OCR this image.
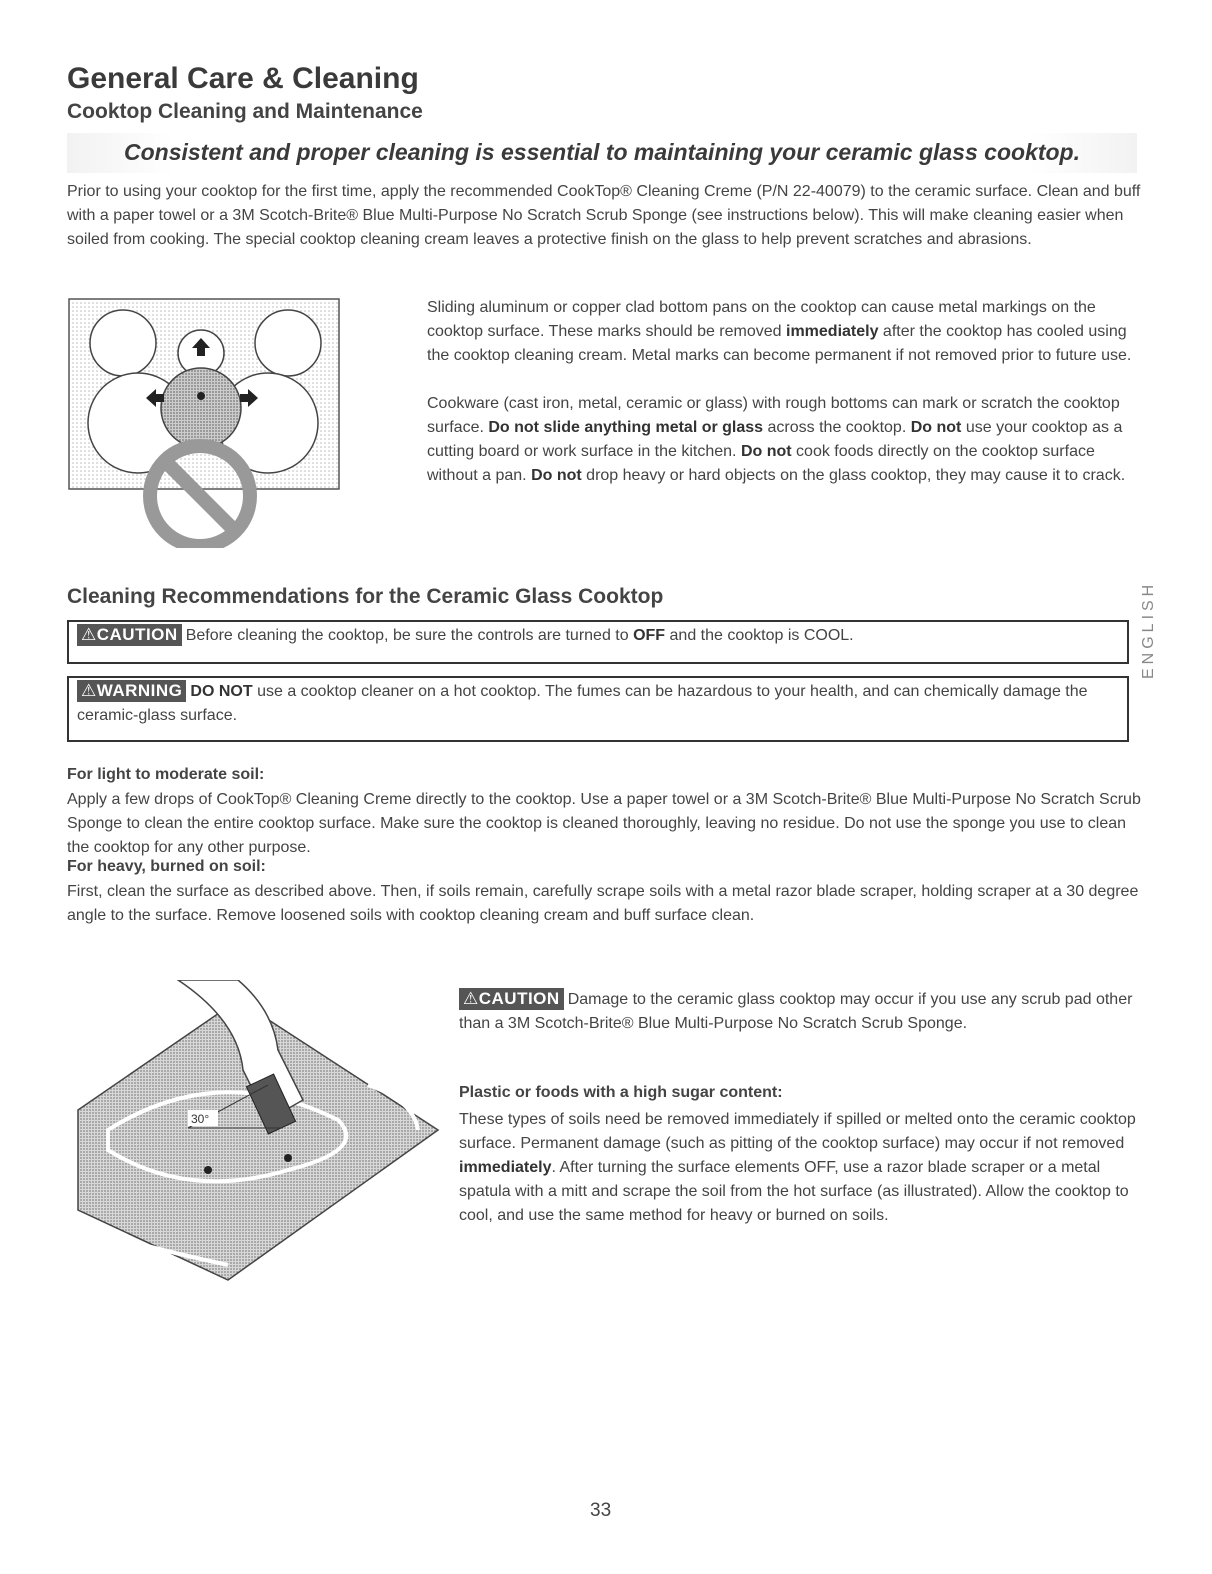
General Care & Cleaning
Cooktop Cleaning and Maintenance
Consistent and proper cleaning is essential to maintaining your ceramic glass cooktop.
Prior to using your cooktop for the first time, apply the recommended CookTop® Cleaning Creme (P/N 22-40079) to the ceramic surface. Clean and buff with a paper towel or a 3M Scotch-Brite® Blue Multi-Purpose No Scratch Scrub Sponge (see instructions below). This will make cleaning easier when soiled from cooking. The special cooktop cleaning cream leaves a protective finish on the glass to help prevent scratches and abrasions.
Sliding aluminum or copper clad bottom pans on the cooktop can cause metal markings on the cooktop surface. These marks should be removed immediately after the cooktop has cooled using the cooktop cleaning cream. Metal marks can become permanent if not removed prior to future use.
Cookware (cast iron, metal, ceramic or glass) with rough bottoms can mark or scratch the cooktop surface. Do not slide anything metal or glass across the cooktop. Do not use your cooktop as a cutting board or work surface in the kitchen. Do not cook foods directly on the cooktop surface without a pan. Do not drop heavy or hard objects on the glass cooktop, they may cause it to crack.
Cleaning Recommendations for the Ceramic Glass Cooktop	ENGLISH
⚠CAUTION Before cleaning the cooktop, be sure the controls are turned to OFF and the cooktop is COOL.
⚠WARNING DO NOT use a cooktop cleaner on a hot cooktop. The fumes can be hazardous to your health, and can chemically damage the ceramic-glass surface.
For light to moderate soil:
Apply a few drops of CookTop® Cleaning Creme directly to the cooktop. Use a paper towel or a 3M Scotch-Brite® Blue Multi-Purpose No Scratch Scrub Sponge to clean the entire cooktop surface. Make sure the cooktop is cleaned thoroughly, leaving no residue. Do not use the sponge you use to clean the cooktop for any other purpose.
For heavy, burned on soil:
First, clean the surface as described above. Then, if soils remain, carefully scrape soils with a metal razor blade scraper, holding scraper at a 30 degree angle to the surface. Remove loosened soils with cooktop cleaning cream and buff surface clean.
30°
⚠CAUTION Damage to the ceramic glass cooktop may occur if you use any scrub pad other than a 3M Scotch-Brite® Blue Multi-Purpose No Scratch Scrub Sponge.
Plastic or foods with a high sugar content:
These types of soils need be removed immediately if spilled or melted onto the ceramic cooktop surface. Permanent damage (such as pitting of the cooktop surface) may occur if not removed immediately. After turning the surface elements OFF, use a razor blade scraper or a metal spatula with a mitt and scrape the soil from the hot surface (as illustrated). Allow the cooktop to cool, and use the same method for heavy or burned on soils.
33
